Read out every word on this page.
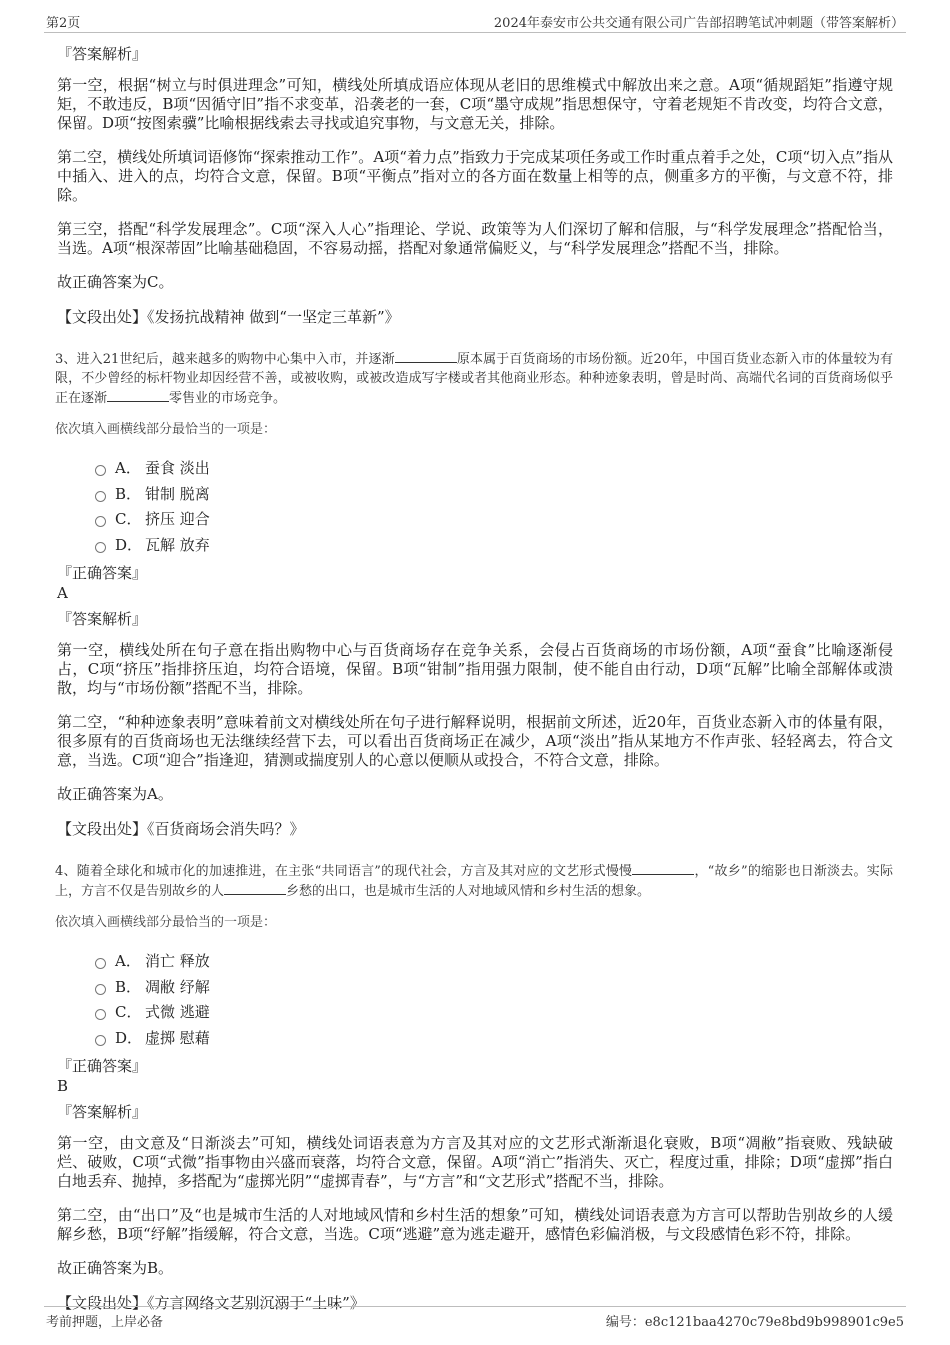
第2页	2024年泰安市公共交通有限公司广告部招聘笔试冲刺题（带答案解析）
『答案解析』
第一空，根据“树立与时俱进理念”可知，横线处所填成语应体现从老旧的思维模式中解放出来之意。A项“循规蹈矩”指遵守规矩，不敢违反，B项“因循守旧”指不求变革，沿袭老的一套，C项“墨守成规”指思想保守，守着老规矩不肯改变，均符合文意，保留。D项“按图索骥”比喻根据线索去寻找或追究事物，与文意无关，排除。
第二空，横线处所填词语修饰“探索推动工作”。A项“着力点”指致力于完成某项任务或工作时重点着手之处，C项“切入点”指从中插入、进入的点，均符合文意，保留。B项“平衡点”指对立的各方面在数量上相等的点，侧重多方的平衡，与文意不符，排除。
第三空，搭配“科学发展理念”。C项“深入人心”指理论、学说、政策等为人们深切了解和信服，与“科学发展理念”搭配恰当，当选。A项“根深蒂固”比喻基础稳固，不容易动摇，搭配对象通常偏贬义，与“科学发展理念”搭配不当，排除。
故正确答案为C。
【文段出处】《发扬抗战精神 做到“一坚定三革新”》
3、进入21世纪后，越来越多的购物中心集中入市，并逐渐	原本属于百货商场的市场份额。近20年，中国百货业态新入市的体量较为有限，不少曾经的标杆物业却因经营不善，或被收购，或被改造成写字楼或者其他商业形态。种种迹象表明，曾是时尚、高端代名词的百货商场似乎正在逐渐	零售业的市场竞争。
依次填入画横线部分最恰当的一项是：
A． 蚕食 淡出
B． 钳制 脱离
C． 挤压 迎合
D． 瓦解 放弃
『正确答案』
A
『答案解析』
第一空，横线处所在句子意在指出购物中心与百货商场存在竞争关系，会侵占百货商场的市场份额，A项“蚕食”比喻逐渐侵占，C项“挤压”指排挤压迫，均符合语境，保留。B项“钳制”指用强力限制，使不能自由行动，D项“瓦解”比喻全部解体或溃散，均与“市场份额”搭配不当，排除。
第二空，“种种迹象表明”意味着前文对横线处所在句子进行解释说明，根据前文所述，近20年，百货业态新入市的体量有限，很多原有的百货商场也无法继续经营下去，可以看出百货商场正在减少，A项“淡出”指从某地方不作声张、轻轻离去，符合文意，当选。C项“迎合”指逢迎，猜测或揣度别人的心意以便顺从或投合，不符合文意，排除。
故正确答案为A。
【文段出处】《百货商场会消失吗？》
4、随着全球化和城市化的加速推进，在主张“共同语言”的现代社会，方言及其对应的文艺形式慢慢	，“故乡”的缩影也日渐淡去。实际上，方言不仅是告别故乡的人	乡愁的出口，也是城市生活的人对地域风情和乡村生活的想象。
依次填入画横线部分最恰当的一项是：
A． 消亡 释放
B． 凋敝 纾解
C． 式微 逃避
D． 虚掷 慰藉
『正确答案』
B
『答案解析』
第一空，由文意及“日渐淡去”可知，横线处词语表意为方言及其对应的文艺形式渐渐退化衰败，B项“凋敝”指衰败、残缺破烂、破败，C项“式微”指事物由兴盛而衰落，均符合文意，保留。A项“消亡”指消失、灭亡，程度过重，排除；D项“虚掷”指白白地丢弃、抛掉，多搭配为“虚掷光阴”“虚掷青春”，与“方言”和“文艺形式”搭配不当，排除。
第二空，由“出口”及“也是城市生活的人对地域风情和乡村生活的想象”可知，横线处词语表意为方言可以帮助告别故乡的人缓解乡愁，B项“纾解”指缓解，符合文意，当选。C项“逃避”意为逃走避开，感情色彩偏消极，与文段感情色彩不符，排除。
故正确答案为B。
【文段出处】《方言网络文艺别沉溺于“土味”》
考前押题，上岸必备	编号：e8c121baa4270c79e8bd9b998901c9e5
